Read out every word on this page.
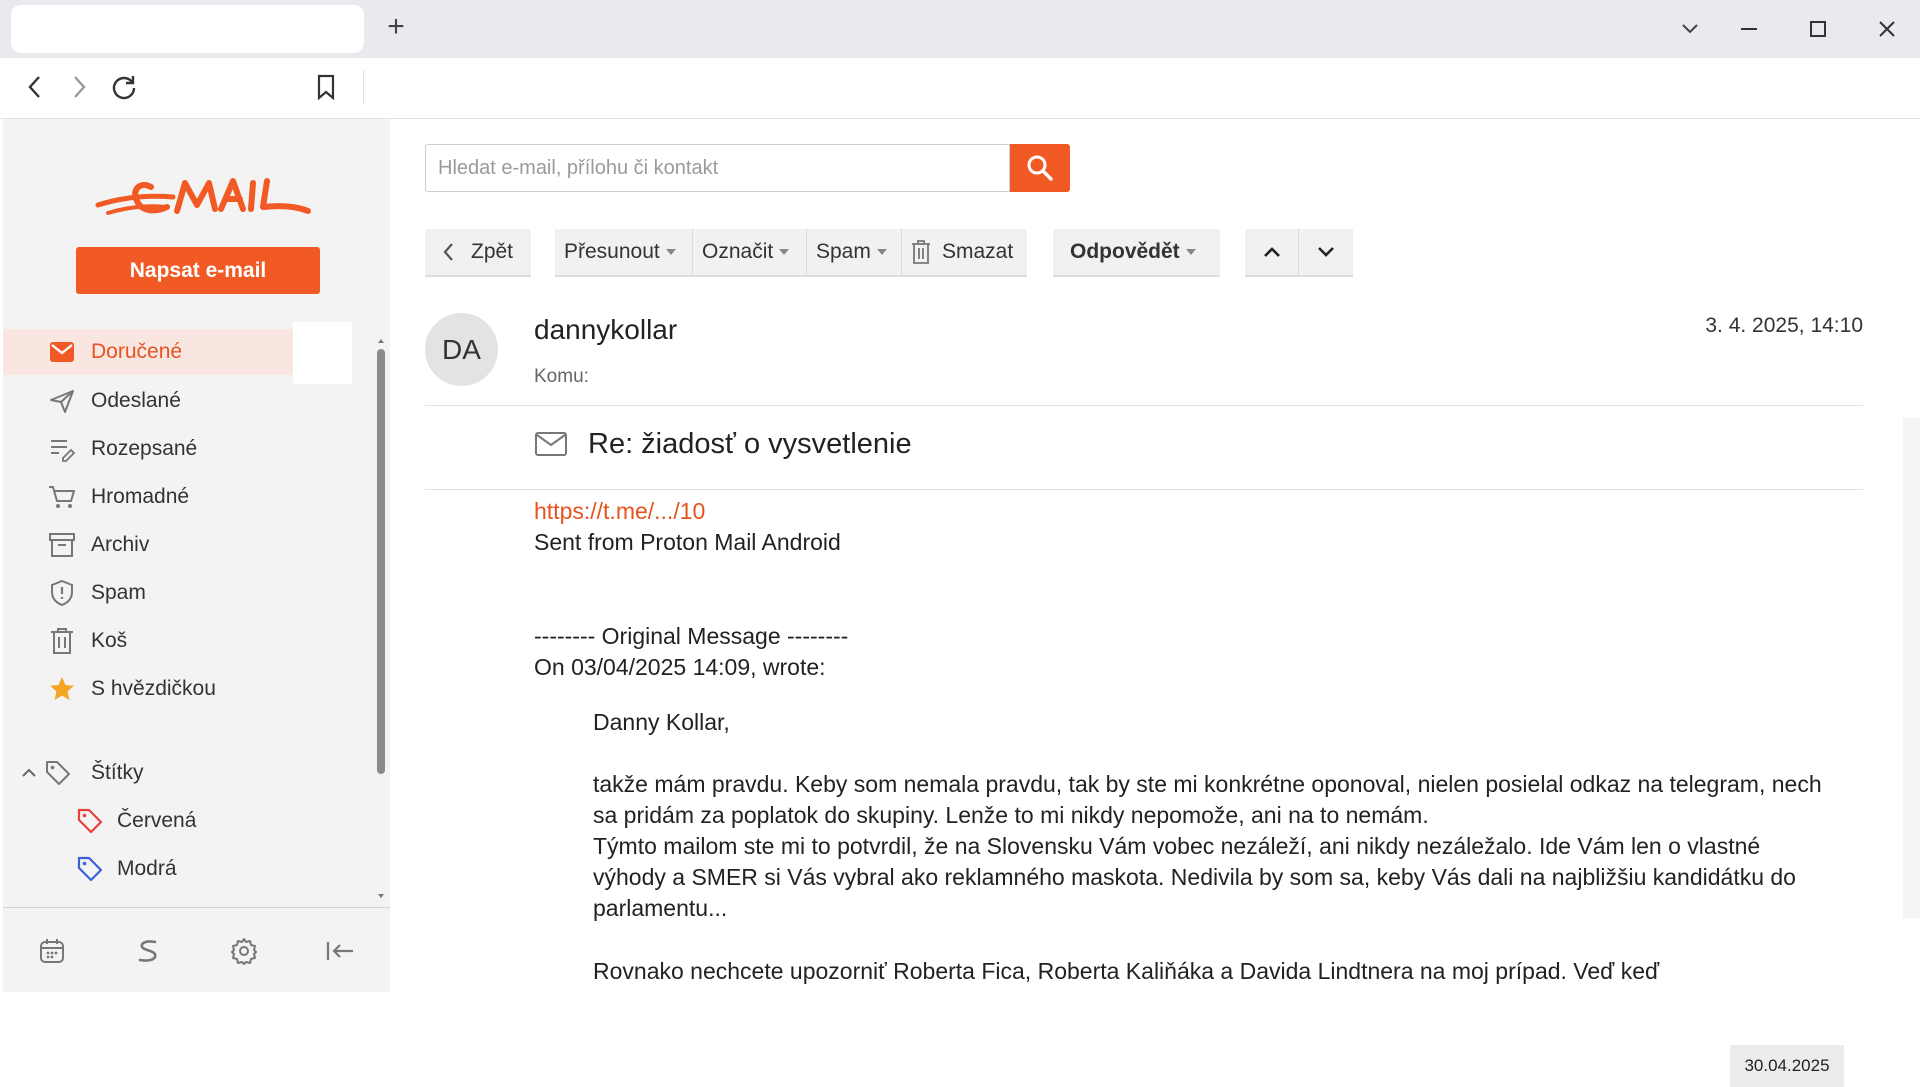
+
Napsat e-mail
Doručené
Odeslané
Rozepsané
Hromadné
Archiv
Spam
Koš
S hvězdičkou
Štítky
Červená
Modrá
Hledat e-mail, přílohu či kontakt
Zpět Přesunout Označit Spam	Smazat	Odpovědět
DA
dannykollar
Komu:
3. 4. 2025, 14:10
Re: žiadosť o vysvetlenie
https://t.me/.../10
Sent from Proton Mail Android
-------- Original Message --------
On 03/04/2025 14:09, wrote:
Danny Kollar,
takže mám pravdu. Keby som nemala pravdu, tak by ste mi konkrétne oponoval, nielen posielal odkaz na telegram, nech sa pridám za poplatok do skupiny. Lenže to mi nikdy nepomože, ani na to nemám.
Týmto mailom ste mi to potvrdil, že na Slovensku Vám vobec nezáleží, ani nikdy nezáležalo. Ide Vám len o vlastné výhody a SMER si Vás vybral ako reklamného maskota. Nedivila by som sa, keby Vás dali na najbližšiu kandidátku do parlamentu...
Rovnako nechcete upozorniť Roberta Fica, Roberta Kaliňáka a Davida Lindtnera na moj prípad. Veď keď
30.04.2025
